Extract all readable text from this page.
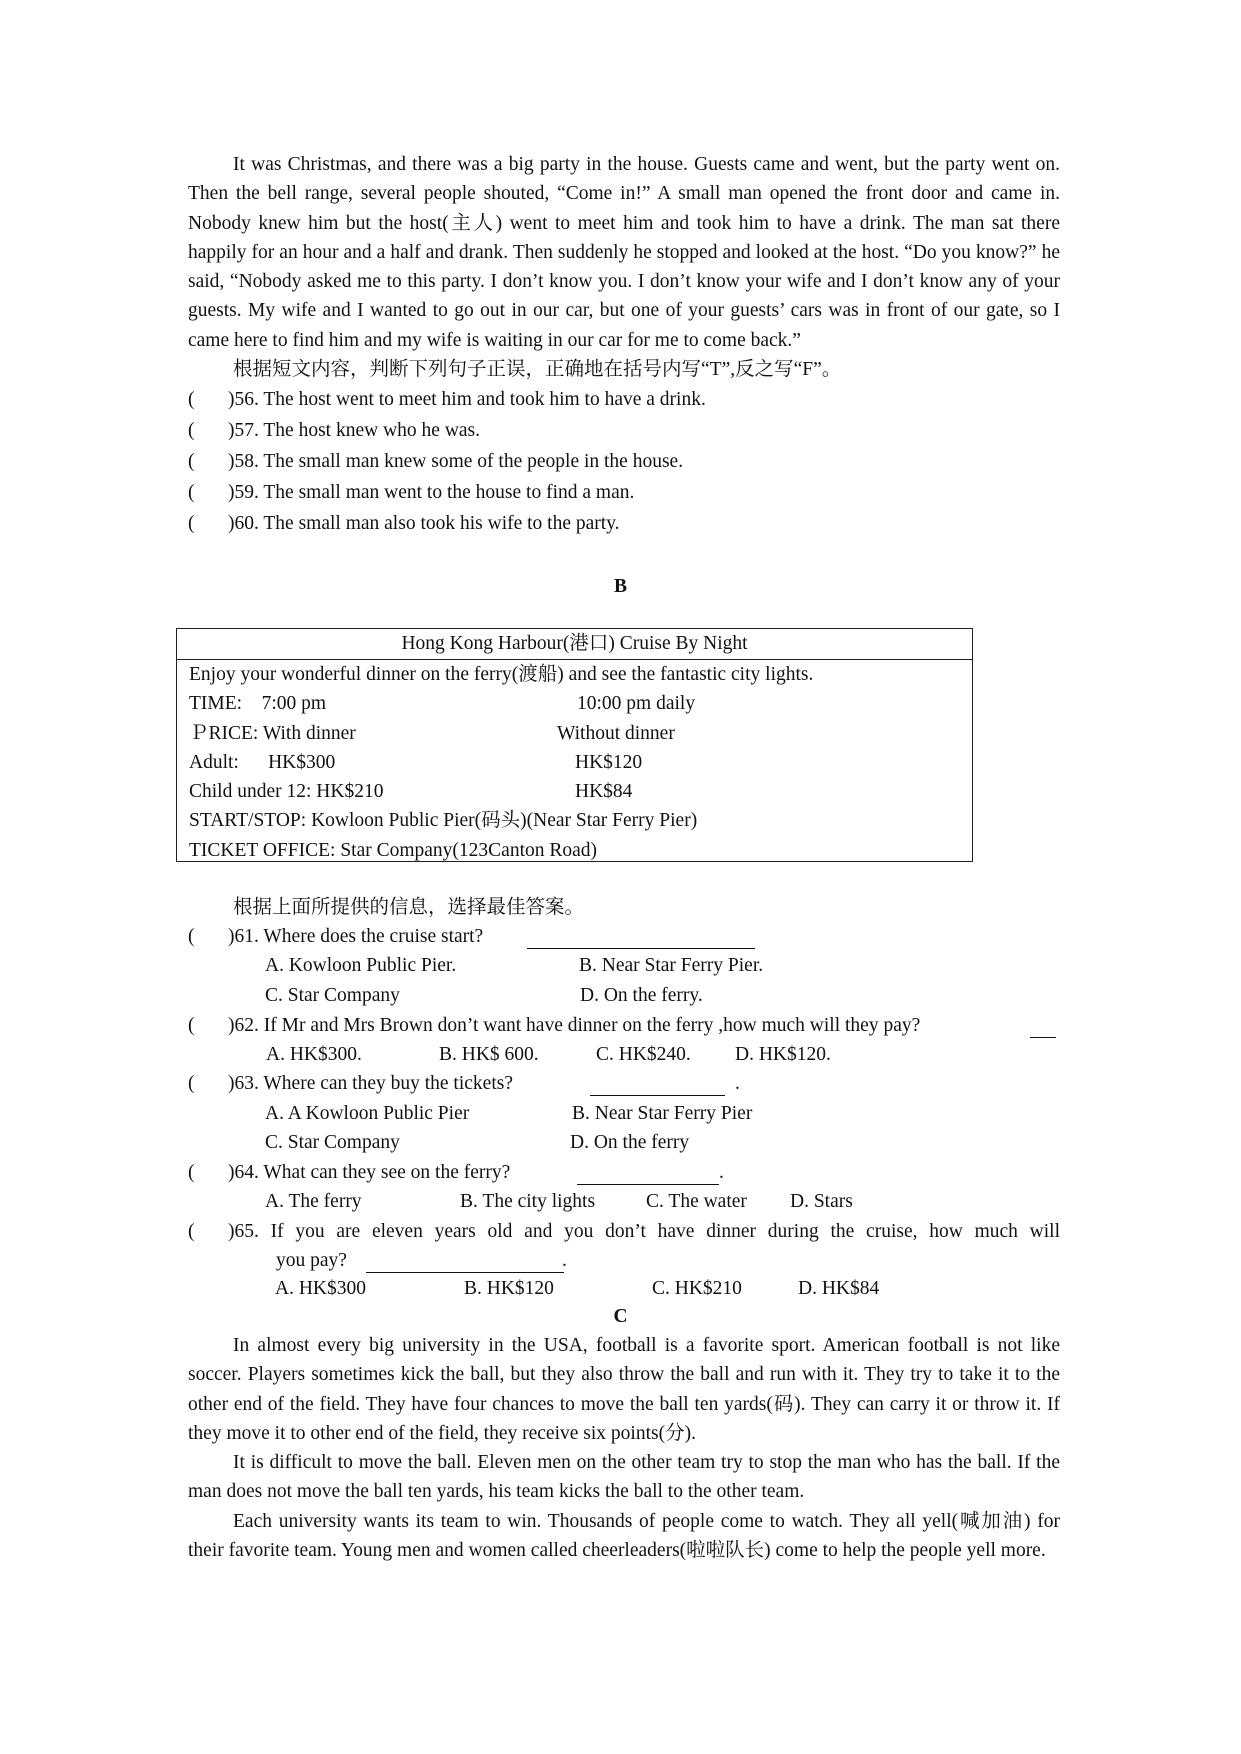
It was Christmas, and there was a big party in the house. Guests came and went, but the party went on. Then the bell range, several people shouted, “Come in!” A small man opened the front door and came in. Nobody knew him but the host(主人) went to meet him and took him to have a drink. The man sat there happily for an hour and a half and drank. Then suddenly he stopped and looked at the host. “Do you know?” he said, “Nobody asked me to this party. I don’t know you. I don’t know your wife and I don’t know any of your guests. My wife and I wanted to go out in our car, but one of your guests’ cars was in front of our gate, so I came here to find him and my wife is waiting in our car for me to come back.”

根据短文内容，判断下列句子正误，正确地在括号内写“T”,反之写“F”。

( )56. The host went to meet him and took him to have a drink.
( )57. The host knew who he was.
( )58. The small man knew some of the people in the house.
( )59. The small man went to the house to find a man.
( )60. The small man also took his wife to the party.
B
Hong Kong Harbour(港口) Cruise By Night
Enjoy your wonderful dinner on the ferry(渡船) and see the fantastic city lights.
TIME:    7:00 pm	10:00 pm daily
ＰRICE: With dinner	Without dinner
Adult:      HK$300	HK$120
Child under 12: HK$210	HK$84
START/STOP: Kowloon Public Pier(码头)(Near Star Ferry Pier)
TICKET OFFICE: Star Company(123Canton Road)
根据上面所提供的信息，选择最佳答案。
( )61. Where does the cruise start?
A. Kowloon Public Pier.	B. Near Star Ferry Pier.
C. Star Company	D. On the ferry.
( )62. If Mr and Mrs Brown don’t want have dinner on the ferry ,how much will they pay?
A. HK$300.	B. HK$ 600.	C. HK$240. D. HK$120.
( )63. Where can they buy the tickets?	.
A. A Kowloon Public Pier	B. Near Star Ferry Pier
C. Star Company	D. On the ferry
( )64. What can they see on the ferry?	.
A. The ferry	B. The city lights	C. The water D. Stars
( )65. If you are eleven years old and you don’t have dinner during the cruise, how much will
you pay?	.
A. HK$300	B. HK$120	C. HK$210	D. HK$84
C

In almost every big university in the USA, football is a favorite sport. American football is not like soccer. Players sometimes kick the ball, but they also throw the ball and run with it. They try to take it to the other end of the field. They have four chances to move the ball ten yards(码). They can carry it or throw it. If they move it to other end of the field, they receive six points(分).

It is difficult to move the ball. Eleven men on the other team try to stop the man who has the ball. If the man does not move the ball ten yards, his team kicks the ball to the other team.

Each university wants its team to win. Thousands of people come to watch. They all yell(喊加油) for their favorite team. Young men and women called cheerleaders(啦啦队长) come to help the people yell more.
